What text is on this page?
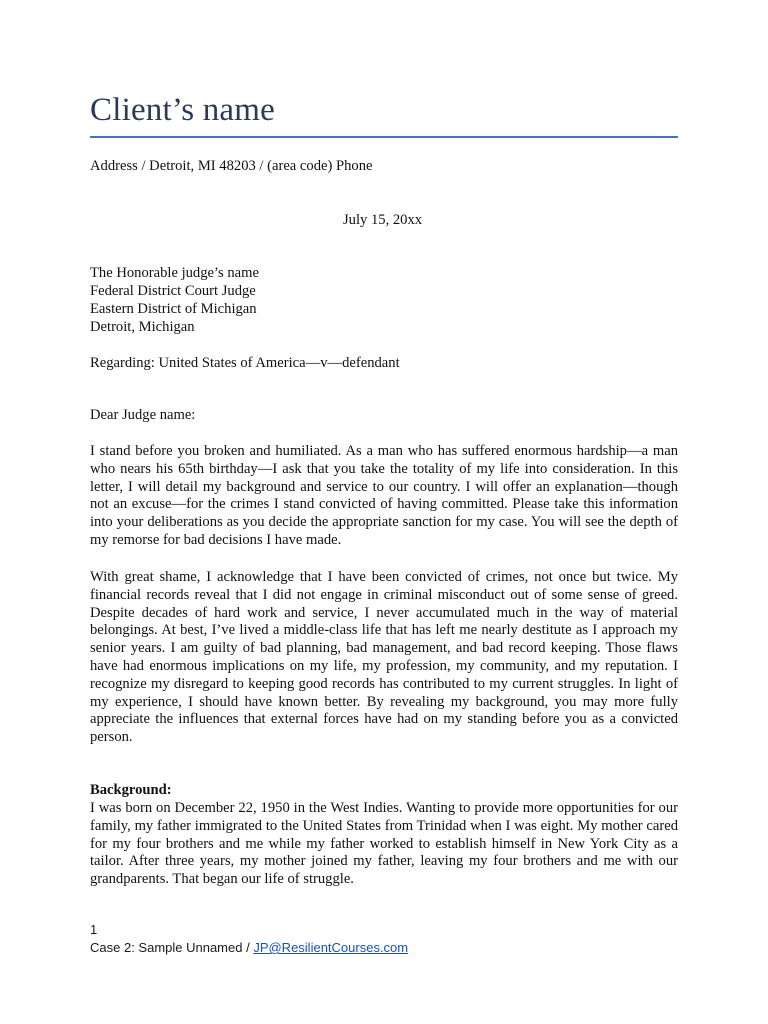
Client’s name
Address / Detroit, MI 48203 / (area code) Phone
July 15, 20xx
The Honorable judge’s name
Federal District Court Judge
Eastern District of Michigan
Detroit, Michigan
Regarding: United States of America—v—defendant
Dear Judge name:

I stand before you broken and humiliated. As a man who has suffered enormous hardship—a man who nears his 65th birthday—I ask that you take the totality of my life into consideration. In this letter, I will detail my background and service to our country. I will offer an explanation—though not an excuse—for the crimes I stand convicted of having committed. Please take this information into your deliberations as you decide the appropriate sanction for my case. You will see the depth of my remorse for bad decisions I have made.

With great shame, I acknowledge that I have been convicted of crimes, not once but twice. My financial records reveal that I did not engage in criminal misconduct out of some sense of greed. Despite decades of hard work and service, I never accumulated much in the way of material belongings. At best, I’ve lived a middle-class life that has left me nearly destitute as I approach my senior years. I am guilty of bad planning, bad management, and bad record keeping. Those flaws have had enormous implications on my life, my profession, my community, and my reputation. I recognize my disregard to keeping good records has contributed to my current struggles. In light of my experience, I should have known better. By revealing my background, you may more fully appreciate the influences that external forces have had on my standing before you as a convicted person.

Background:

I was born on December 22, 1950 in the West Indies. Wanting to provide more opportunities for our family, my father immigrated to the United States from Trinidad when I was eight. My mother cared for my four brothers and me while my father worked to establish himself in New York City as a tailor. After three years, my mother joined my father, leaving my four brothers and me with our grandparents. That began our life of struggle.

1
Case 2: Sample Unnamed / JP@ResilientCourses.com
